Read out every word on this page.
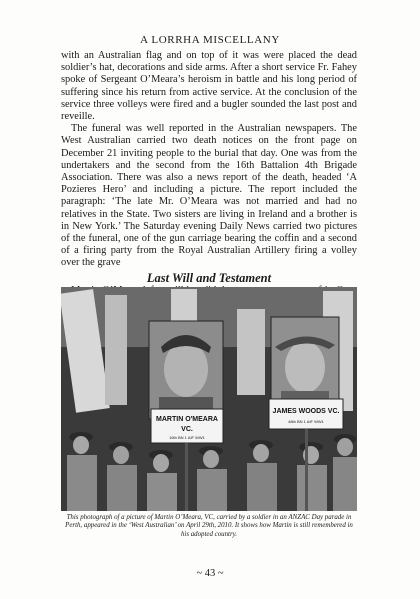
A LORRHA MISCELLANY

with an Australian flag and on top of it was were placed the dead soldier’s hat, decorations and side arms. After a short service Fr. Fahey spoke of Sergeant O’Meara’s heroism in battle and his long period of suffering since his return from active service. At the conclusion of the service three volleys were fired and a bugler sounded the last post and reveille.

The funeral was well reported in the Australian newspapers. The West Australian carried two death notices on the front page on December 21 inviting people to the burial that day. One was from the undertakers and the second from the 16th Battalion 4th Brigade Association. There was also a news report of the death, headed ‘A Pozieres Hero’ and including a picture. The report included the paragraph: ‘The late Mr. O’Meara was not married and had no relatives in the State. Two sisters are living in Ireland and a brother is in New York.’ The Saturday evening Daily News carried two pictures of the funeral, one of the gun carriage bearing the coffin and a second of a firing party from the Royal Australian Artillery firing a volley over the grave

Last Will and Testament

MARTIN O'MEARA
VC.
16th BN 1 AIF WW1
JAMES WOODS VC.
48th BN 1 AIF WW1
This photograph of a picture of Martin O’Meara, VC, carried by a soldier in an ANZAC Day parade in Perth, appeared in the ‘West Australian’ on April 29th, 2010. It shows how Martin is still remembered in his adopted country.
~ 43 ~
